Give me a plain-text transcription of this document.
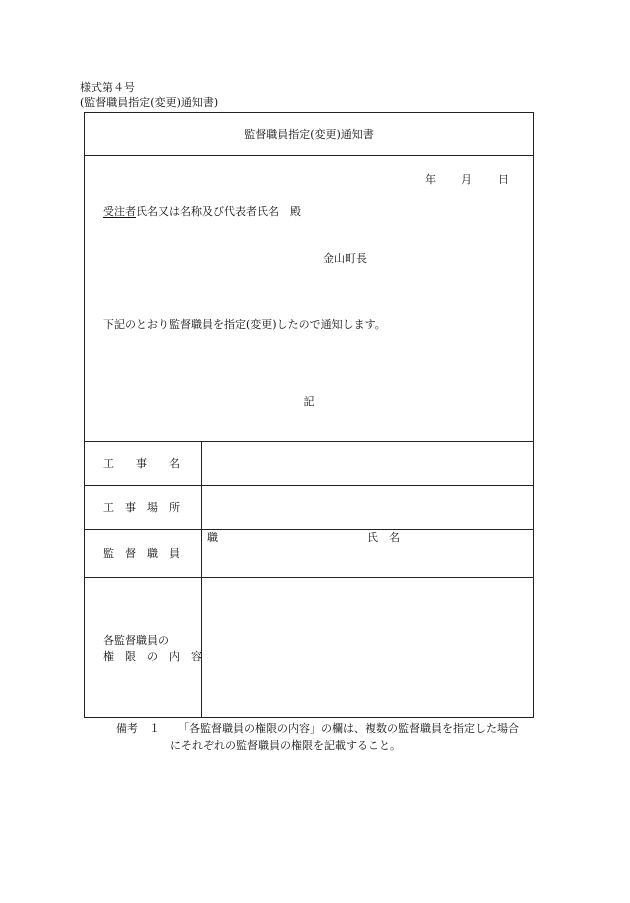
様式第４号
(監督職員指定(変更)通知書)
監督職員指定(変更)通知書
年 月 日
受注者氏名又は名称及び代表者氏名　殿
金山町長
下記のとおり監督職員を指定(変更)したので通知します。
記
工　　事　　名
工　事　場　所
監　督　職　員
職	氏　名
各監督職員の
権　限　の　内　容
備考　１ 「各監督職員の権限の内容」の欄は、複数の監督職員を指定した場合
にそれぞれの監督職員の権限を記載すること。
